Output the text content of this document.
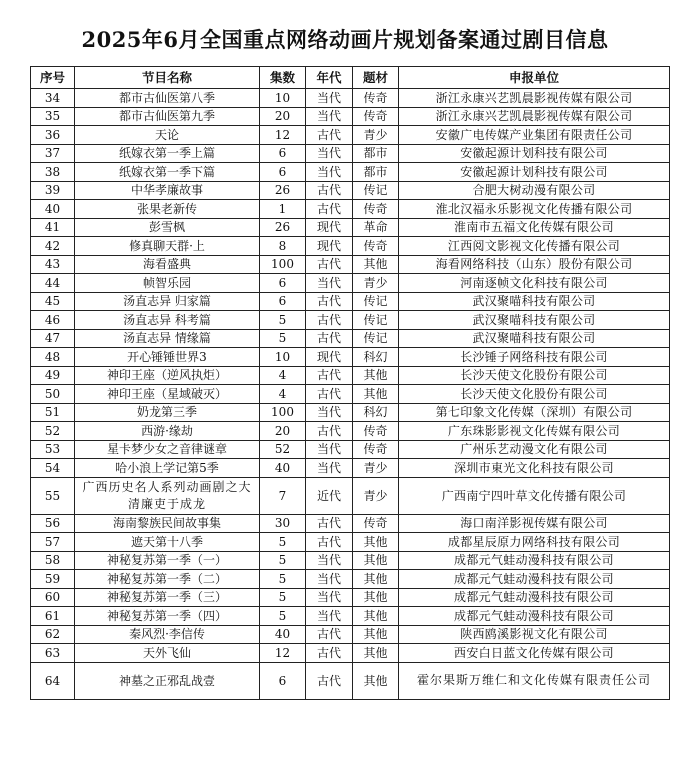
2025年6月全国重点网络动画片规划备案通过剧目信息
序号	节目名称	集数	年代	题材	申报单位
34	都市古仙医第八季	10	当代	传奇	浙江永康兴艺凯晨影视传媒有限公司
35	都市古仙医第九季	20	当代	传奇	浙江永康兴艺凯晨影视传媒有限公司
36	天论	12	古代	青少	安徽广电传媒产业集团有限责任公司
37	纸嫁衣第一季上篇	6	当代	都市	安徽起源计划科技有限公司
38	纸嫁衣第一季下篇	6	当代	都市	安徽起源计划科技有限公司
39	中华孝廉故事	26	古代	传记	合肥大树动漫有限公司
40	张果老新传	1	古代	传奇	淮北汉福永乐影视文化传播有限公司
41	彭雪枫	26	现代	革命	淮南市五福文化传媒有限公司
42	修真聊天群·上	8	现代	传奇	江西阅文影视文化传播有限公司
43	海看盛典	100	古代	其他	海看网络科技（山东）股份有限公司
44	帧智乐园	6	当代	青少	河南逐帧文化科技有限公司
45	汤直志异 归家篇	6	古代	传记	武汉聚喵科技有限公司
46	汤直志异 科考篇	5	古代	传记	武汉聚喵科技有限公司
47	汤直志异 情缘篇	5	古代	传记	武汉聚喵科技有限公司
48	开心锤锤世界3	10	现代	科幻	长沙锤子网络科技有限公司
49	神印王座（逆风执炬）	4	古代	其他	长沙天使文化股份有限公司
50	神印王座（星域破灭）	4	古代	其他	长沙天使文化股份有限公司
51	奶龙第三季	100	当代	科幻	第七印象文化传媒（深圳）有限公司
52	西游·缘劫	20	古代	传奇	广东珠影影视文化传媒有限公司
53	星卡梦少女之音律谜章	52	当代	传奇	广州乐艺动漫文化有限公司
54	哈小浪上学记第5季	40	当代	青少	深圳市東光文化科技有限公司
55	广西历史名人系列动画剧之大清廉吏于成龙	7	近代	青少	广西南宁四叶草文化传播有限公司
56	海南黎族民间故事集	30	古代	传奇	海口南洋影视传媒有限公司
57	遮天第十八季	5	古代	其他	成都星辰原力网络科技有限公司
58	神秘复苏第一季（一）	5	当代	其他	成都元气蛙动漫科技有限公司
59	神秘复苏第一季（二）	5	当代	其他	成都元气蛙动漫科技有限公司
60	神秘复苏第一季（三）	5	当代	其他	成都元气蛙动漫科技有限公司
61	神秘复苏第一季（四）	5	当代	其他	成都元气蛙动漫科技有限公司
62	秦风烈·李信传	40	古代	其他	陕西鸥溪影视文化有限公司
63	天外飞仙	12	古代	其他	西安白日蓝文化传媒有限公司
64	神墓之正邪乱战壹	6	古代	其他	霍尔果斯万维仁和文化传媒有限责任公司
